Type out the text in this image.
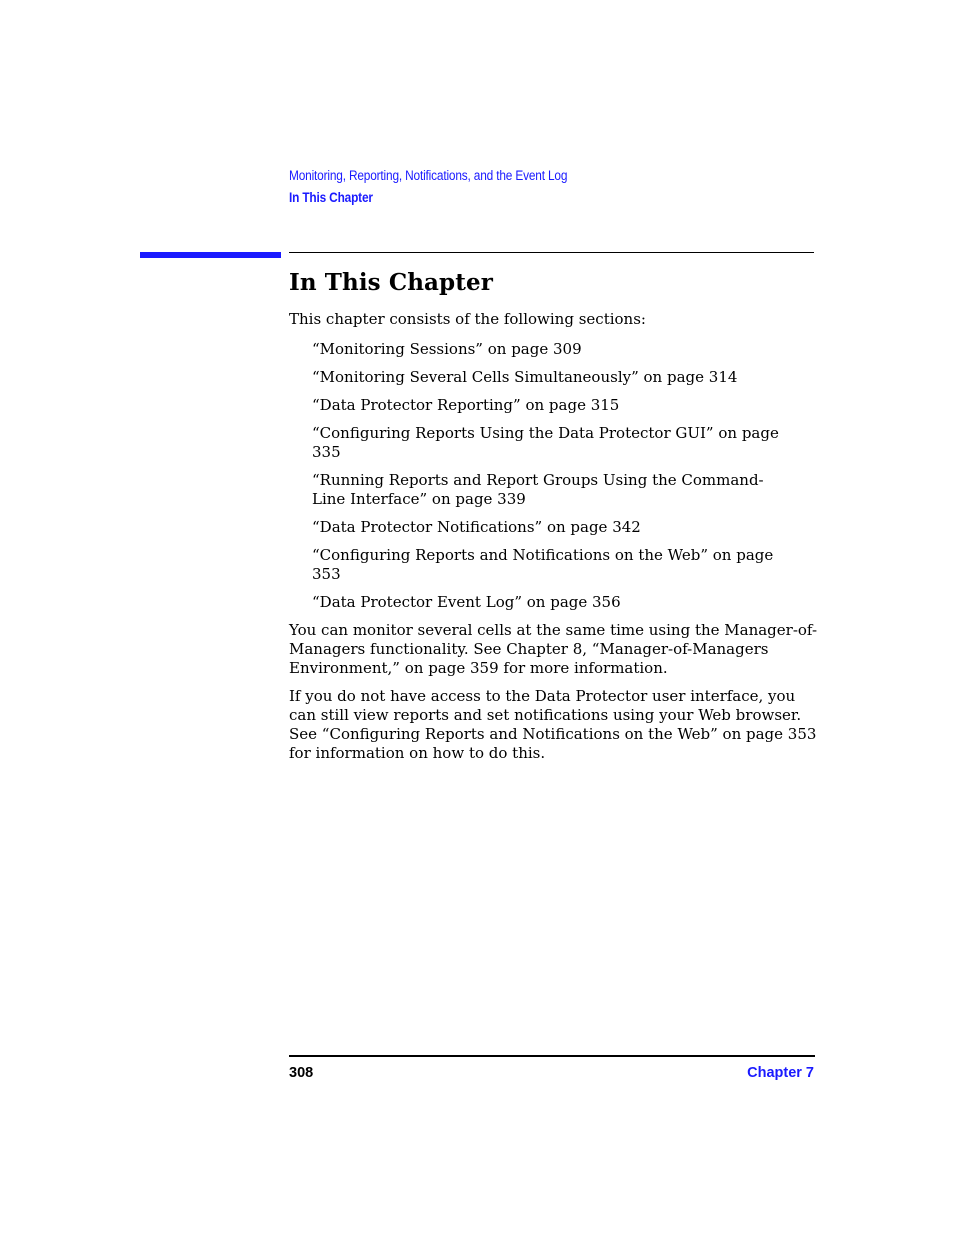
Monitoring, Reporting, Notifications, and the Event Log
In This Chapter
In This Chapter

This chapter consists of the following sections:

“Monitoring Sessions” on page 309
“Monitoring Several Cells Simultaneously” on page 314
“Data Protector Reporting” on page 315
“Configuring Reports Using the Data Protector GUI” on page 335
“Running Reports and Report Groups Using the Command-Line Interface” on page 339
“Data Protector Notifications” on page 342
“Configuring Reports and Notifications on the Web” on page 353
“Data Protector Event Log” on page 356

You can monitor several cells at the same time using the Manager-of-Managers functionality. See Chapter 8, “Manager-of-Managers Environment,” on page 359 for more information.

If you do not have access to the Data Protector user interface, you can still view reports and set notifications using your Web browser. See “Configuring Reports and Notifications on the Web” on page 353 for information on how to do this.

308	Chapter 7
